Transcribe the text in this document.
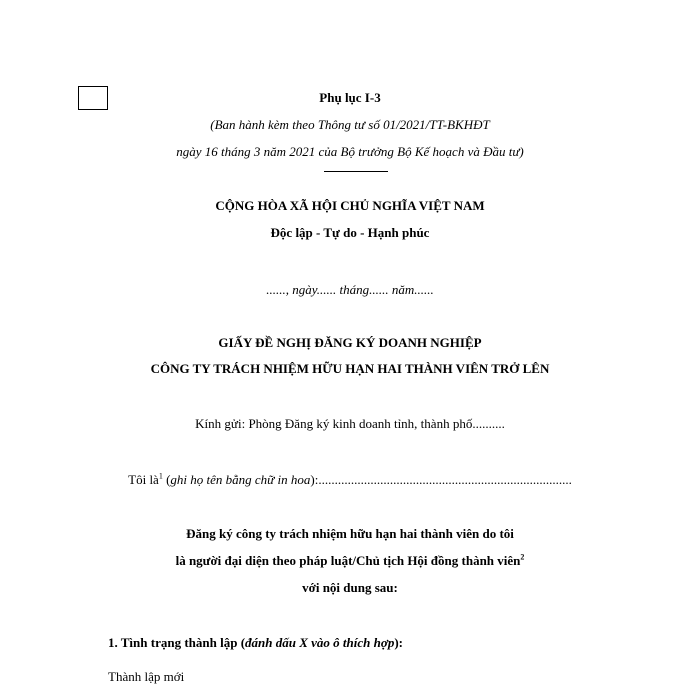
Phụ lục I-3
(Ban hành kèm theo Thông tư số 01/2021/TT-BKHĐT
ngày 16 tháng 3 năm 2021 của Bộ trưởng Bộ Kế hoạch và Đầu tư)
CỘNG HÒA XÃ HỘI CHỦ NGHĨA VIỆT NAM
Độc lập - Tự do - Hạnh phúc
......, ngày...... tháng...... năm......
GIẤY ĐỀ NGHỊ ĐĂNG KÝ DOANH NGHIỆP
CÔNG TY TRÁCH NHIỆM HỮU HẠN HAI THÀNH VIÊN TRỞ LÊN
Kính gửi: Phòng Đăng ký kinh doanh tỉnh, thành phố..........
Tôi $là^1$ (ghi họ tên bằng chữ in hoa):..............................................................................
Đăng ký công ty trách nhiệm hữu hạn hai thành viên do tôi
là người đại diện theo pháp luật/Chủ tịch Hội đồng thành viên$^2$
với nội dung sau:
1. Tình trạng thành lập (đánh dấu X vào ô thích hợp):
Thành lập mới
